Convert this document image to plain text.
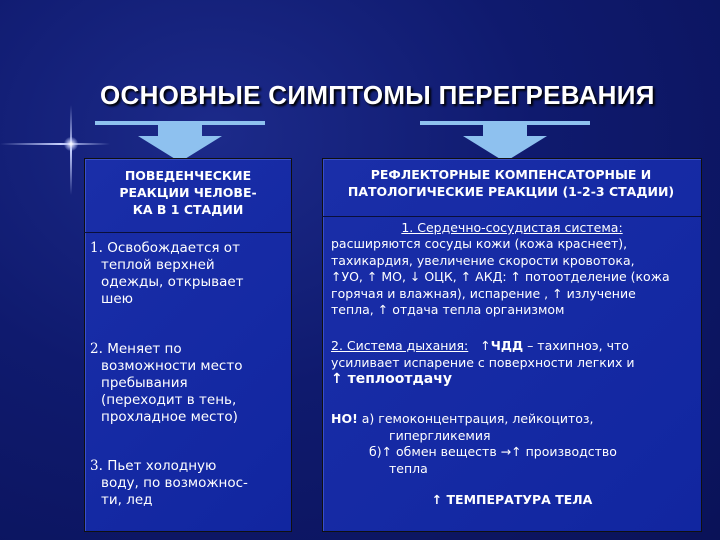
ОСНОВНЫЕ СИМПТОМЫ ПЕРЕГРЕВАНИЯ
ПОВЕДЕНЧЕСКИЕ
РЕАКЦИИ ЧЕЛОВЕ-
КА В 1 СТАДИИ
1. Освобождается от
теплой верхней
одежды, открывает
шею
2. Меняет по
возможности место
пребывания
(переходит в тень,
прохладное место)
3. Пьет холодную
воду, по возможнос-
ти, лед
РЕФЛЕКТОРНЫЕ КОМПЕНСАТОРНЫЕ И
ПАТОЛОГИЧЕСКИЕ РЕАКЦИИ (1-2-3 СТАДИИ)
1. Сердечно-сосудистая система:
расширяются сосуды кожи (кожа краснеет),
тахикардия, увеличение скорости кровотока,
↑УО, ↑ МО, ↓ ОЦК, ↑ АКД: ↑ потоотделение (кожа
горячая и влажная), испарение , ↑ излучение
тепла, ↑ отдача тепла организмом
2. Система дыхания: ↑ЧДД – тахипноэ, что
усиливает испарение с поверхности легких и
↑ теплоотдачу
НО! а) гемоконцентрация, лейкоцитоз,
гипергликемия
б)↑ обмен веществ →↑ производство
тепла
↑ ТЕМПЕРАТУРА ТЕЛА
